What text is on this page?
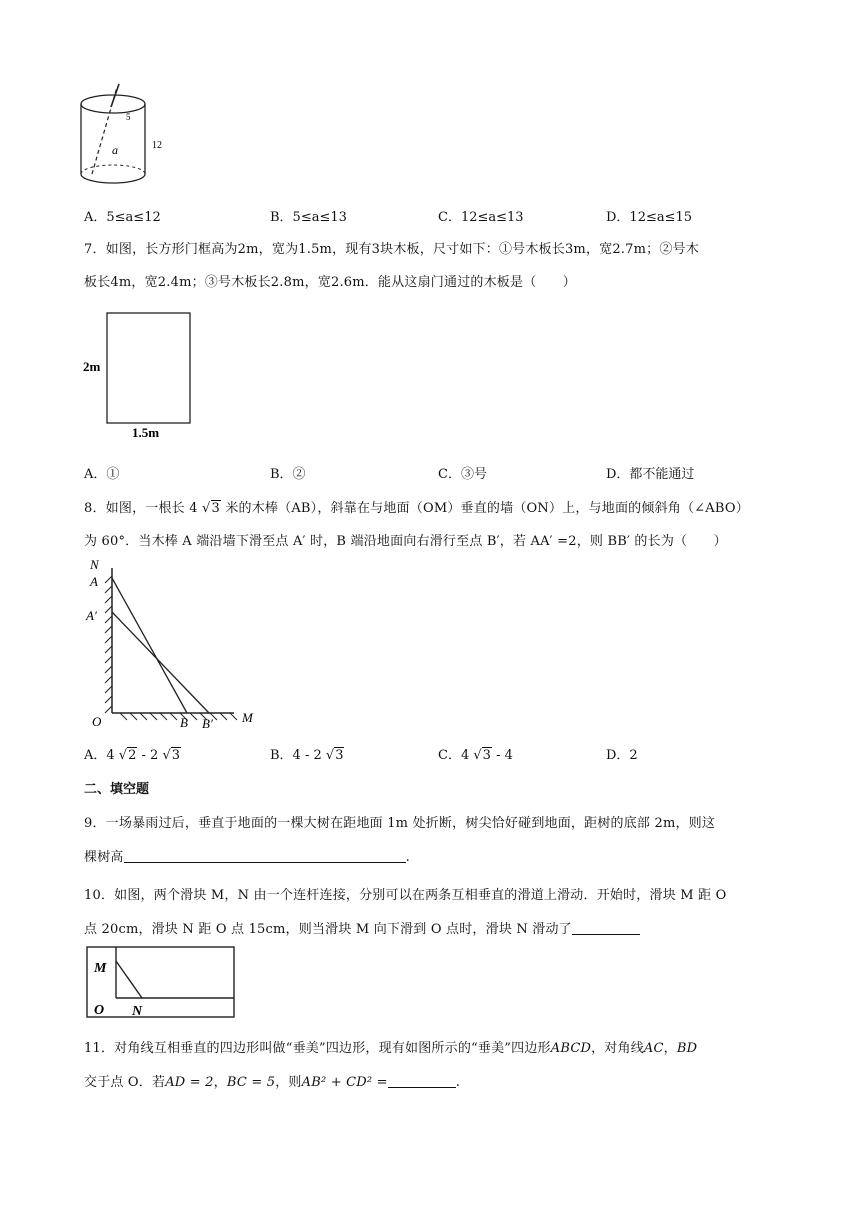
a
5
12
A．5≤a≤12	B．5≤a≤13	C．12≤a≤13	D．12≤a≤15
7．如图，长方形门框高为2m，宽为1.5m，现有3块木板，尺寸如下：①号木板长3m，宽2.7m；②号木
板长4m，宽2.4m；③号木板长2.8m，宽2.6m．能从这扇门通过的木板是（　　）
2m
1.5m
A．①	B．②	C．③号	D．都不能通过
8．如图，一根长 4 √3 米的木棒（AB），斜靠在与地面（OM）垂直的墙（ON）上，与地面的倾斜角（∠ABO）
为 60°．当木棒 A 端沿墙下滑至点 A′ 时，B 端沿地面向右滑行至点 B′，若 AA′ =2，则 BB′ 的长为（　　）
N
A
A′
O	B B′ M
A．4 √2 - 2 √3	B．4 - 2 √3	C．4 √3 - 4	D．2
二、填空题
9．一场暴雨过后，垂直于地面的一棵大树在距地面 1m 处折断，树尖恰好碰到地面，距树的底部 2m，则这
棵树高	.
10．如图，两个滑块 M，N 由一个连杆连接，分别可以在两条互相垂直的滑道上滑动．开始时，滑块 M 距 O
点 20cm，滑块 N 距 O 点 15cm，则当滑块 M 向下滑到 O 点时，滑块 N 滑动了
M
O N
11．对角线互相垂直的四边形叫做“垂美”四边形，现有如图所示的“垂美”四边形ABCD，对角线AC，BD
交于点 O．若AD = 2，BC = 5，则AB² + CD² =	.
